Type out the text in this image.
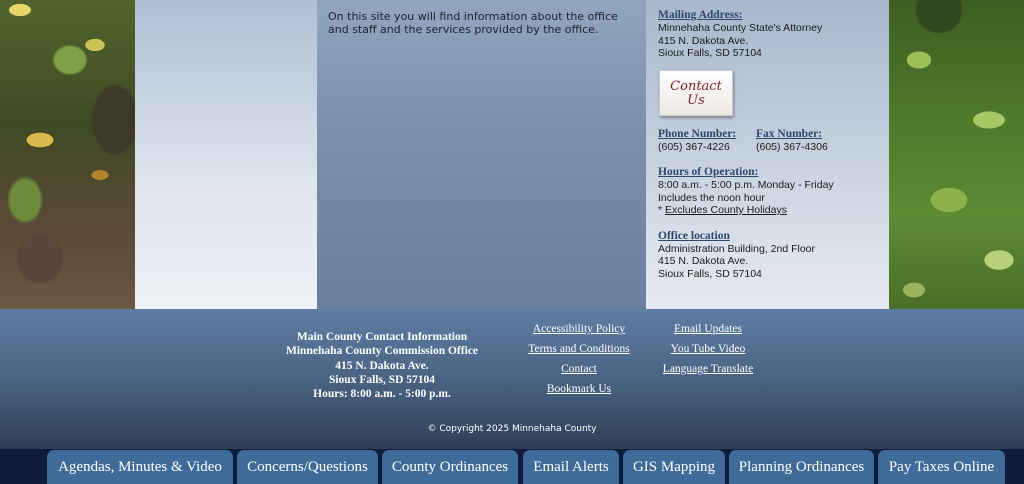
On this site you will find information about the office and staff and the services provided by the office.

Mailing Address:
Minnehaha County State's Attorney
415 N. Dakota Ave.
Sioux Falls, SD 57104
Contact
Us
Phone Number:
(605) 367-4226
Fax Number:
(605) 367-4306
Hours of Operation:
8:00 a.m. - 5:00 p.m. Monday - Friday
Includes the noon hour
* Excludes County Holidays
Office location
Administration Building, 2nd Floor
415 N. Dakota Ave.
Sioux Falls, SD 57104
Main County Contact Information
Minnehaha County Commission Office
415 N. Dakota Ave.
Sioux Falls, SD 57104
Hours: 8:00 a.m. - 5:00 p.m.
Accessibility Policy
Terms and Conditions
Contact
Bookmark Us
Email Updates
You Tube Video
Language Translate
© Copyright 2025 Minnehaha County
Agendas, Minutes & Video	Concerns/Questions	County Ordinances	Email Alerts	GIS Mapping	Planning Ordinances	Pay Taxes Online
